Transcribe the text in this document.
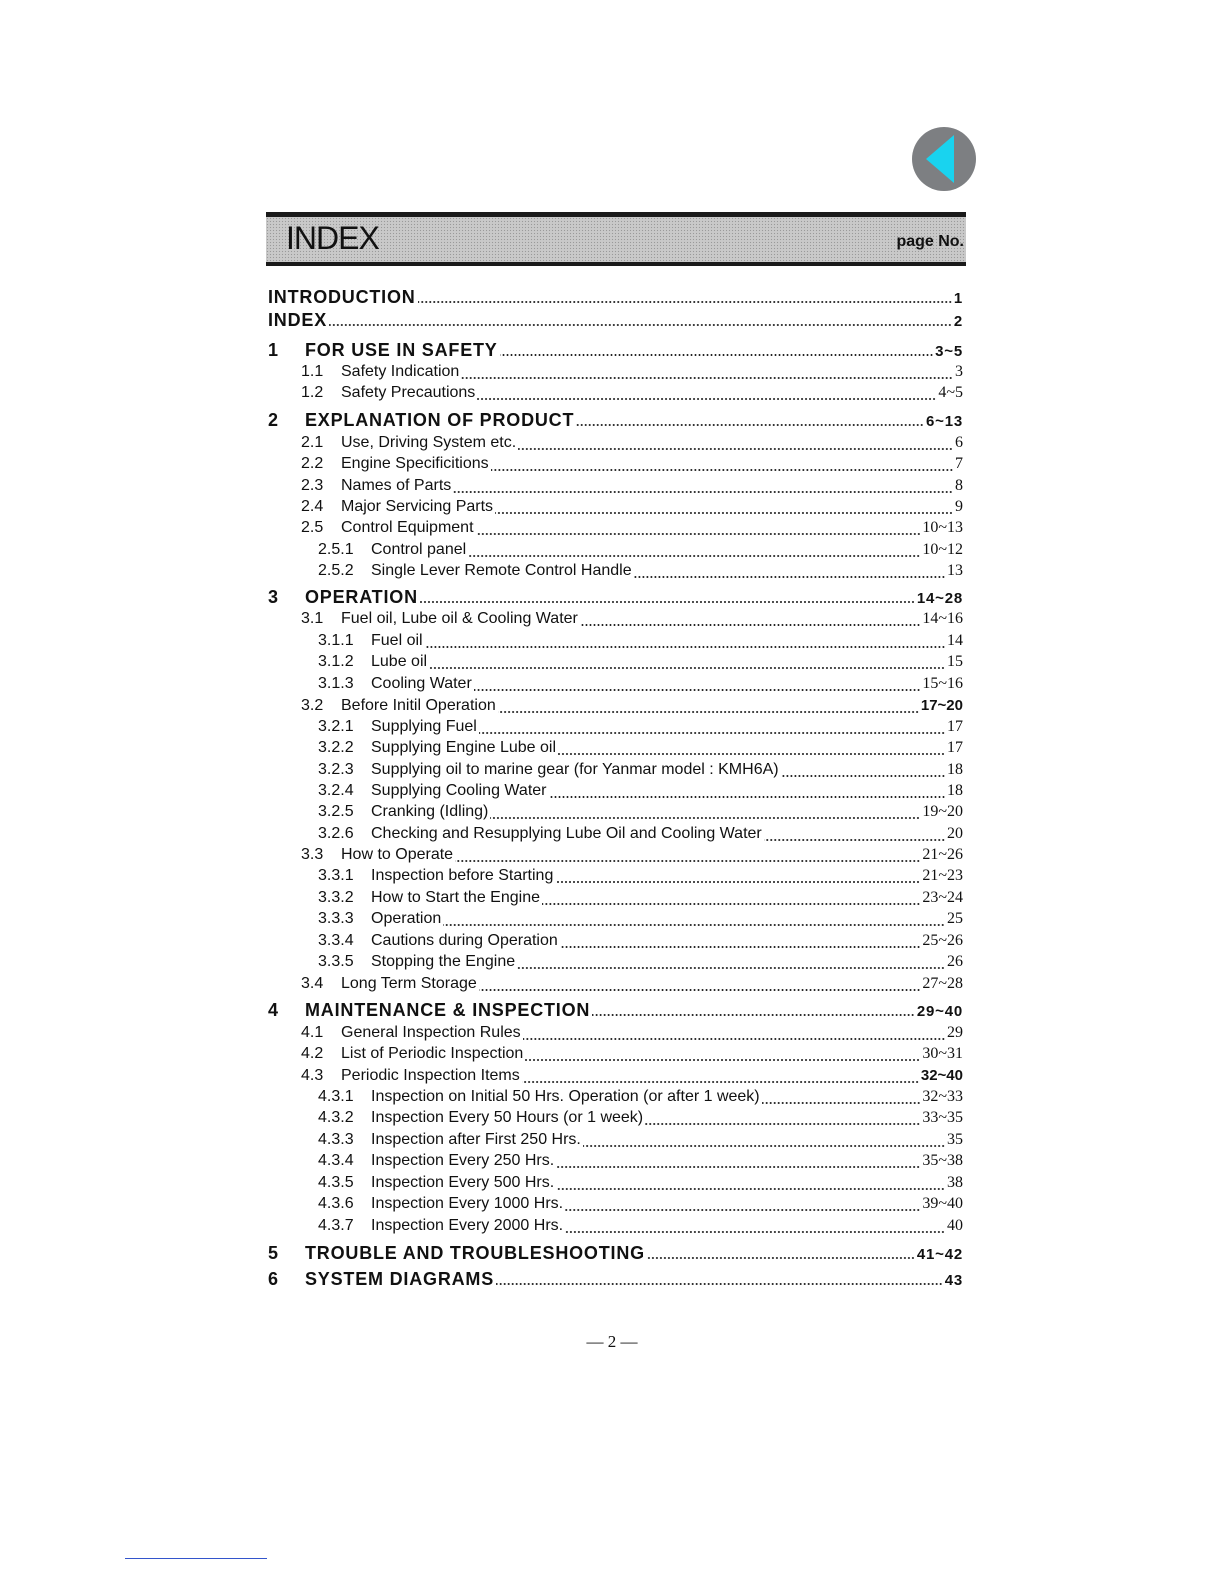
INDEX	page No.
INTRODUCTION	1
INDEX	2
1	FOR USE IN SAFETY	3~5
1.1	Safety Indication	3
1.2	Safety Precautions	4~5
2	EXPLANATION OF PRODUCT	6~13
2.1	Use, Driving System etc.	6
2.2	Engine Specificitions	7
2.3	Names of Parts	8
2.4	Major Servicing Parts	9
2.5	Control Equipment	10~13
2.5.1	Control panel	10~12
2.5.2	Single Lever Remote Control Handle	13
3	OPERATION	14~28
3.1	Fuel oil, Lube oil & Cooling Water	14~16
3.1.1	Fuel oil	14
3.1.2	Lube oil	15
3.1.3	Cooling Water	15~16
3.2	Before Initil Operation	17~20
3.2.1	Supplying Fuel	17
3.2.2	Supplying Engine Lube oil	17
3.2.3	Supplying oil to marine gear (for Yanmar model : KMH6A)	18
3.2.4	Supplying Cooling Water	18
3.2.5	Cranking (Idling)	19~20
3.2.6	Checking and Resupplying Lube Oil and Cooling Water	20
3.3	How to Operate	21~26
3.3.1	Inspection before Starting	21~23
3.3.2	How to Start the Engine	23~24
3.3.3	Operation	25
3.3.4	Cautions during Operation	25~26
3.3.5	Stopping the Engine	26
3.4	Long Term Storage	27~28
4	MAINTENANCE & INSPECTION	29~40
4.1	General Inspection Rules	29
4.2	List of Periodic Inspection	30~31
4.3	Periodic Inspection Items	32~40
4.3.1	Inspection on Initial 50 Hrs. Operation (or after 1 week)	32~33
4.3.2	Inspection Every 50 Hours (or 1 week)	33~35
4.3.3	Inspection after First 250 Hrs.	35
4.3.4	Inspection Every 250 Hrs.	35~38
4.3.5	Inspection Every 500 Hrs.	38
4.3.6	Inspection Every 1000 Hrs.	39~40
4.3.7	Inspection Every 2000 Hrs.	40
5	TROUBLE AND TROUBLESHOOTING	41~42
6	SYSTEM DIAGRAMS	43
— 2 —
